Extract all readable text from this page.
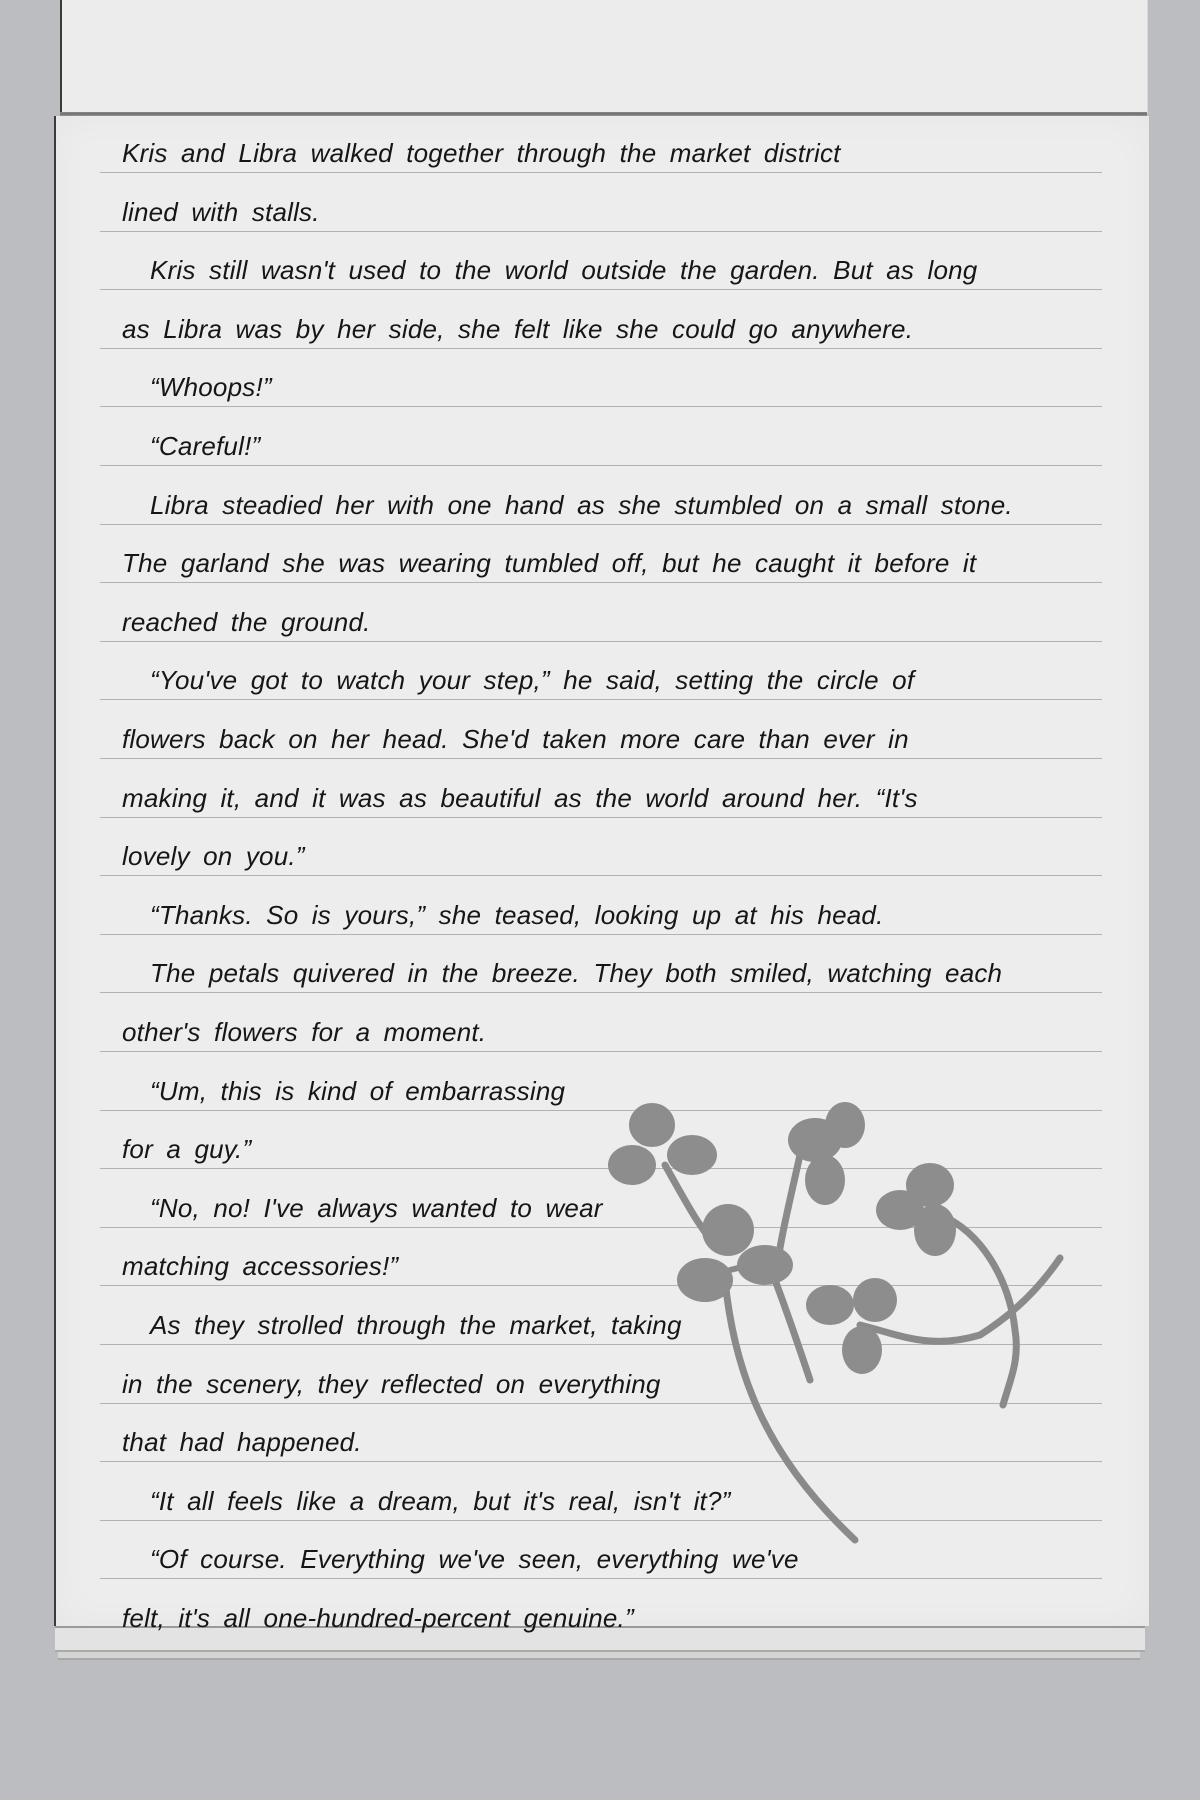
Kris and Libra walked together through the market district
lined with stalls.
Kris still wasn't used to the world outside the garden. But as long
as Libra was by her side, she felt like she could go anywhere.
“Whoops!”
“Careful!”
Libra steadied her with one hand as she stumbled on a small stone.
The garland she was wearing tumbled off, but he caught it before it
reached the ground.
“You've got to watch your step,” he said, setting the circle of
flowers back on her head. She'd taken more care than ever in
making it, and it was as beautiful as the world around her. “It's
lovely on you.”
“Thanks. So is yours,” she teased, looking up at his head.
The petals quivered in the breeze. They both smiled, watching each
other's flowers for a moment.
“Um, this is kind of embarrassing
for a guy.”
“No, no! I've always wanted to wear
matching accessories!”
As they strolled through the market, taking
in the scenery, they reflected on everything
that had happened.
“It all feels like a dream, but it's real, isn't it?”
“Of course. Everything we've seen, everything we've
felt, it's all one-hundred-percent genuine.”
